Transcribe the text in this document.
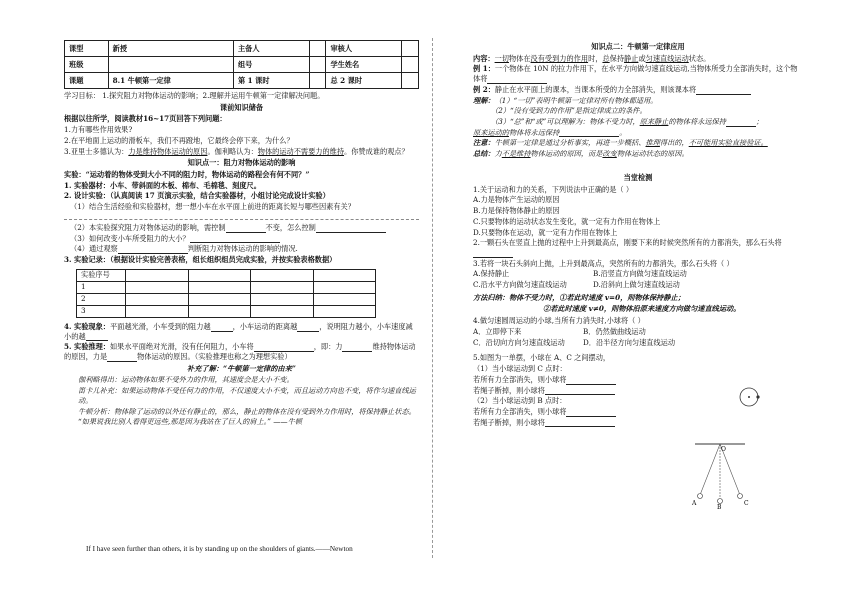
课型	新授	主备人		审核人	
班级		组号		学生姓名	
课题	8.1 牛顿第一定律	第 1 课时		总 2 课时	
学习目标： 1.探究阻力对物体运动的影响；2.理解并运用牛顿第一定律解决问题。
课前知识储备
根据以往所学，阅读教材16~17页回答下列问题：
1.力有哪些作用效果?
2.在平地面上运动的滑板车，我们不再蹬地，它最终会停下来，为什么？
3.亚里士多德认为：力是维持物体运动的原因。伽利略认为：物体的运动不需要力的维持。你赞成谁的观点？
知识点一：阻力对物体运动的影响
实验：“运动着的物体受到大小不同的阻力时，物体运动的路程会有何不同？”
1. 实验器材：小车、带斜面的木板、棉布、毛棉毯、刻度尺。
2. 设计实验：（认真阅读 17 页演示实验，结合实验器材，小组讨论完成设计实验）
（1）结合生活经验和实验器材，想一想小车在水平面上前进的距离长短与哪些因素有关？
（2）本实验探究阻力对物体运动的影响，需控制	不变，怎么控制
（3）如何改变小车所受阻力的大小？
（4）通过观察	判断阻力对物体运动的影响的情况.
3. 实验记录：（根据设计实验完善表格，组长组织组员完成实验，并按实验表格数据）
实验序号				
1				
2				
3				
4. 实验现象：平面越光滑，小车受到的阻力越	，小车运动的距离越	，说明阻力越小，小车速度减小的越
5. 实验推理：如果水平面绝对光滑，没有任何阻力，小车将	，即：力	维持物体运动的原因，力是	物体运动的原因。（实验推理也称之为理想实验）
补充了解：“牛顿第一定律的由来”
伽利略得出：运动物体如果不受外力的作用，其速度会是大小不变。
笛卡儿补充：如果运动物体不受任何力的作用，不仅速度大小不变，而且运动方向也不变，将作匀速直线运动。
牛顿分析：物体除了运动的以外还有静止的，那么，静止的物体在没有受到外力作用时，将保持静止状态。
“如果说我比别人看得更远些,那是因为我站在了巨人的肩上。” ——牛顿
知识点二：牛顿第一定律应用
内容：一切物体在没有受到力的作用时，总保持静止或匀速直线运动状态。
例 1：一个物体在 10N 的拉力作用下，在水平方向做匀速直线运动,当物体所受力全部消失时，这个物体将
例 2：静止在水平面上的课本，当课本所受的力全部消失，则该课本将
理解：（1）“一切”表明牛顿第一定律对所有物体都适用。
（2）“没有受到力的作用”是指定律成立的条件。
（3）“总”和“或”可以理解为：物体不受力时，原来静止的物体将永远保持	；
原来运动的物体将永远保持	。
注意：牛顿第一定律是通过分析事实，再进一步概括、推理得出的，不可能用实验直接验证。
总结：力不是维持物体运动的原因，而是改变物体运动状态的原因。
当堂检测
1.关于运动和力的关系，下列说法中正确的是（ ）
A.力是物体产生运动的原因
B.力是保持物体静止的原因
C.只要物体的运动状态发生变化，就一定有力作用在物体上
D.只要物体在运动，就一定有力作用在物体上
2.一颗石头在竖直上抛的过程中上升到最高点，刚要下来的时候突然所有的力都消失，那么石头将
3.若将一块石头斜向上抛，上升到最高点，突然所有的力都消失，那么石头将（ ）
A.保持静止	B.沿竖直方向做匀速直线运动
C.沿水平方向做匀速直线运动	D.沿斜向上做匀速直线运动
方法归纳：物体不受力时，①若此时速度 v=0，则物体保持静止；
②若此时速度 v≠0，则物体沿原来速度方向做匀速直线运动。
4.做匀速圆周运动的小球,当所有力消失时,小球将（ ）
A．立即停下来	B．仍然做曲线运动
C．沿切向方向匀速直线运动	D．沿半径方向匀速直线运动
5.如图为一单摆，小球在 A、C 之间摆动，
（1）当小球运动到 C 点时：
若所有力全部消失，则小球将
若绳子断掉，则小球将
（2）当小球运动到 B 点时：
若所有力全部消失，则小球将
若绳子断掉，则小球将
O
A
B
C
If I have seen further than others, it is by standing up on the shoulders of giants.——Newton
